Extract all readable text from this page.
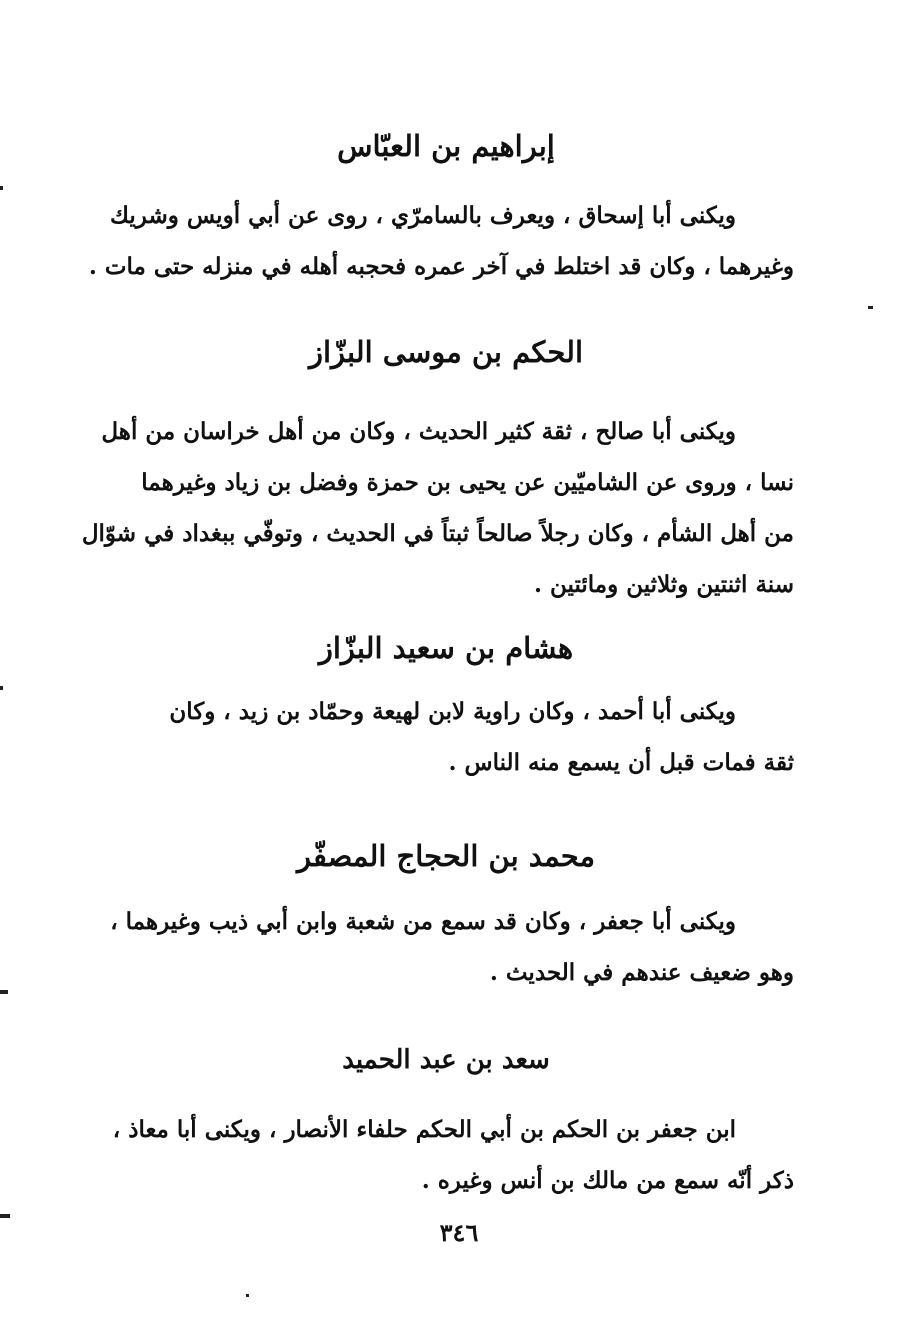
إبراهيم بن العبّاس
ويكنى أبا إسحاق ، ويعرف بالسامرّي ، روى عن أبي أويس وشريك
وغيرهما ، وكان قد اختلط في آخر عمره فحجبه أهله في منزله حتى مات .
الحكم بن موسى البزّاز
ويكنى أبا صالح ، ثقة كثير الحديث ، وكان من أهل خراسان من أهل
نسا ، وروى عن الشاميّين عن يحيى بن حمزة وفضل بن زياد وغيرهما
من أهل الشأم ، وكان رجلاً صالحاً ثبتاً في الحديث ، وتوفّي ببغداد في شوّال
سنة اثنتين وثلاثين ومائتين .
هشام بن سعيد البزّاز
ويكنى أبا أحمد ، وكان راوية لابن لهيعة وحمّاد بن زيد ، وكان
ثقة فمات قبل أن يسمع منه الناس .
محمد بن الحجاج المصفّر
ويكنى أبا جعفر ، وكان قد سمع من شعبة وابن أبي ذيب وغيرهما ،
وهو ضعيف عندهم في الحديث .
سعد بن عبد الحميد
ابن جعفر بن الحكم بن أبي الحكم حلفاء الأنصار ، ويكنى أبا معاذ ،
ذكر أنّه سمع من مالك بن أنس وغيره .
٣٤٦
